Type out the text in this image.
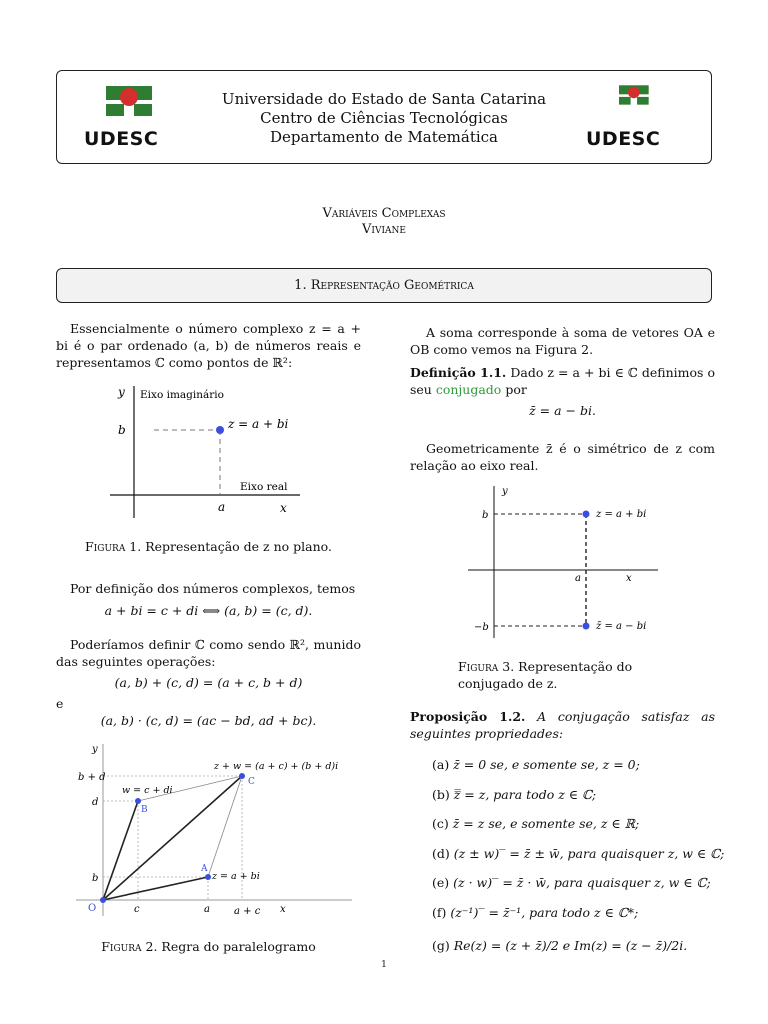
UDESC
Universidade do Estado de Santa Catarina
Centro de Ciências Tecnológicas
Departamento de Matemática	UDESC
Variáveis Complexas
Viviane
1. Representação Geométrica
Essencialmente o número complexo z = a + bi é o par ordenado (a, b) de números reais e representamos ℂ como pontos de ℝ²:
y Eixo imaginário
b	z = a + bi
Eixo real
a	x
Figura 1. Representação de z no plano.
Por definição dos números complexos, temos
a + bi = c + di ⟺ (a, b) = (c, d).
Poderíamos definir ℂ como sendo ℝ², munido das seguintes operações:
(a, b) + (c, d) = (a + c, b + d)
e
(a, b) · (c, d) = (ac − bd, ad + bc).
y
b + d
d
b
O	c	a a + c x
z + w = (a + c) + (b + d)i
C
w = c + di
B
A
z = a + bi
Figura 2. Regra do paralelogramo
A soma corresponde à soma de vetores OA e OB como vemos na Figura 2.
Definição 1.1. Dado z = a + bi ∈ ℂ definimos o seu conjugado por
z̄ = a − bi.
Geometricamente z̄ é o simétrico de z com relação ao eixo real.
y
b
−b
z = a + bi
z̄ = a − bi
a	x
Figura 3. Representação do conjugado de z.
Proposição 1.2. A conjugação satisfaz as seguintes propriedades:
(a) z̄ = 0 se, e somente se, z = 0;
(b) z̿ = z, para todo z ∈ ℂ;
(c) z̄ = z se, e somente se, z ∈ ℝ;
(d) (z ± w)‾ = z̄ ± w̄, para quaisquer z, w ∈ ℂ;
(e) (z · w)‾ = z̄ · w̄, para quaisquer z, w ∈ ℂ;
(f) (z⁻¹)‾ = z̄⁻¹, para todo z ∈ ℂ*;
(g) Re(z) = (z + z̄)/2 e Im(z) = (z − z̄)/2i.
1
